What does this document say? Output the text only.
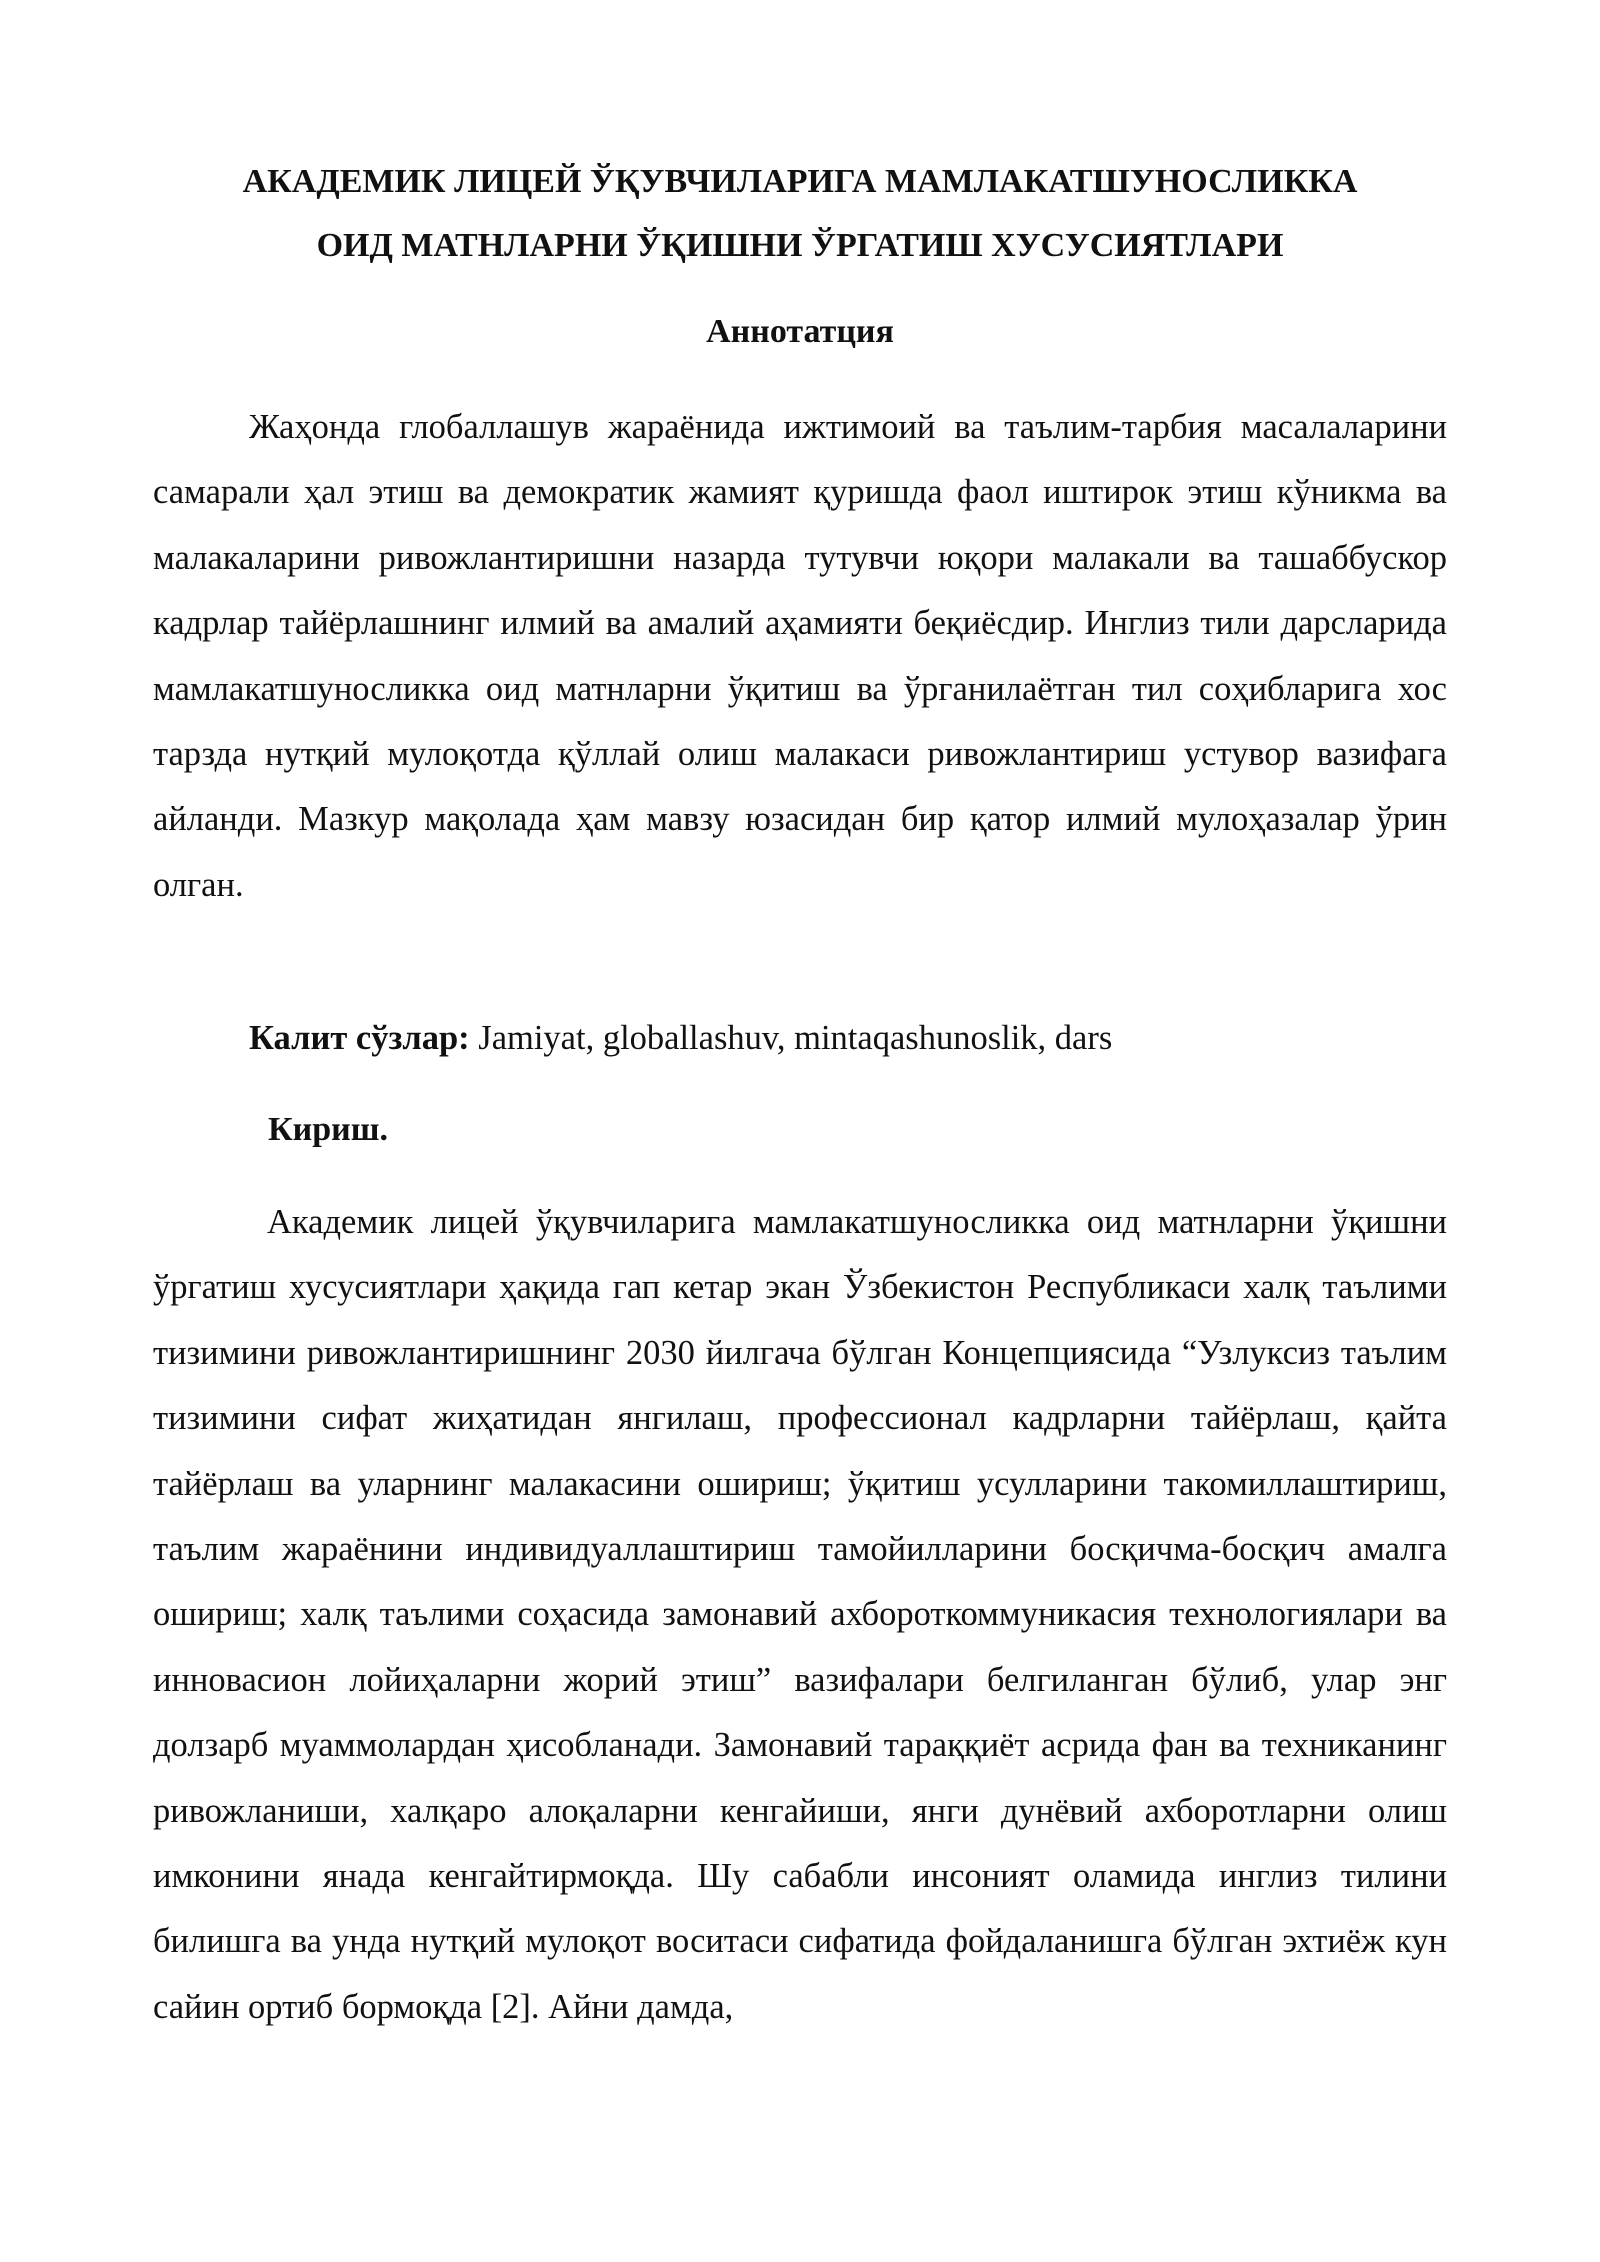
АКАДЕМИК ЛИЦЕЙ ЎҚУВЧИЛАРИГА МАМЛАКАТШУНОСЛИККА
ОИД МАТНЛАРНИ ЎҚИШНИ ЎРГАТИШ ХУСУСИЯТЛАРИ
Аннотатция

Жаҳонда глобаллашув жараёнида ижтимоий ва таълим-тарбия масалаларини самарали ҳал этиш ва демократик жамият қуришда фаол иштирок этиш кўникма ва малакаларини ривожлантиришни назарда тутувчи юқори малакали ва ташаббускор кадрлар тайёрлашнинг илмий ва амалий аҳамияти беқиёсдир. Инглиз тили дарсларида мамлакатшуносликка оид матнларни ўқитиш ва ўрганилаётган тил соҳибларига хос тарзда нутқий мулоқотда қўллай олиш малакаси ривожлантириш устувор вазифага айланди. Мазкур мақолада ҳам мавзу юзасидан бир қатор илмий мулоҳазалар ўрин олган.

Калит сўзлар: Jamiyat, globallashuv, mintaqashunoslik, dars

Кириш.

Академик лицей ўқувчиларига мамлакатшуносликка оид матнларни ўқишни ўргатиш хусусиятлари ҳақида гап кетар экан Ўзбекистон Республикаси халқ таълими тизимини ривожлантиришнинг 2030 йилгача бўлган Концепциясида “Узлуксиз таълим тизимини сифат жиҳатидан янгилаш, профессионал кадрларни тайёрлаш, қайта тайёрлаш ва уларнинг малакасини ошириш; ўқитиш усулларини такомиллаштириш, таълим жараёнини индивидуаллаштириш тамойилларини босқичма-босқич амалга ошириш; халқ таълими соҳасида замонавий ахбороткоммуникасия технологиялари ва инновасион лойиҳаларни жорий этиш” вазифалари белгиланган бўлиб, улар энг долзарб муаммолардан ҳисобланади. Замонавий тараққиёт асрида фан ва техниканинг ривожланиши, халқаро алоқаларни кенгайиши, янги дунёвий ахборотларни олиш имконини янада кенгайтирмоқда. Шу сабабли инсоният оламида инглиз тилини билишга ва унда нутқий мулоқот воситаси сифатида фойдаланишга бўлган эхтиёж кун сайин ортиб бормоқда [2]. Айни дамда,
